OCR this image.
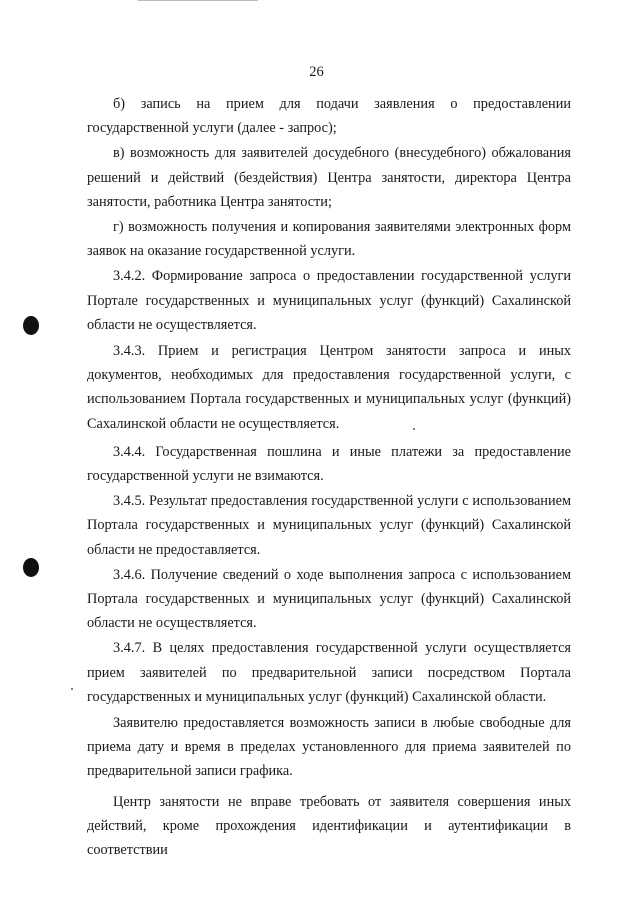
26

б) запись на прием для подачи заявления о предоставлении государственной услуги (далее - запрос);

в) возможность для заявителей досудебного (внесудебного) обжалования решений и действий (бездействия) Центра занятости, директора Центра занятости, работника Центра занятости;

г) возможность получения и копирования заявителями электронных форм заявок на оказание государственной услуги.

3.4.2. Формирование запроса о предоставлении государственной услуги Портале государственных и муниципальных услуг (функций) Сахалинской области не осуществляется.

3.4.3. Прием и регистрация Центром занятости запроса и иных документов, необходимых для предоставления государственной услуги, с использованием Портала государственных и муниципальных услуг (функций) Сахалинской области не осуществляется.

3.4.4. Государственная пошлина и иные платежи за предоставление государственной услуги не взимаются.

3.4.5. Результат предоставления государственной услуги с использованием Портала государственных и муниципальных услуг (функций) Сахалинской области не предоставляется.

3.4.6. Получение сведений о ходе выполнения запроса с использованием Портала государственных и муниципальных услуг (функций) Сахалинской области не осуществляется.

3.4.7. В целях предоставления государственной услуги осуществляется прием заявителей по предварительной записи посредством Портала государственных и муниципальных услуг (функций) Сахалинской области.

Заявителю предоставляется возможность записи в любые свободные для приема дату и время в пределах установленного для приема заявителей по предварительной записи графика.

Центр занятости не вправе требовать от заявителя совершения иных действий, кроме прохождения идентификации и аутентификации в соответствии
